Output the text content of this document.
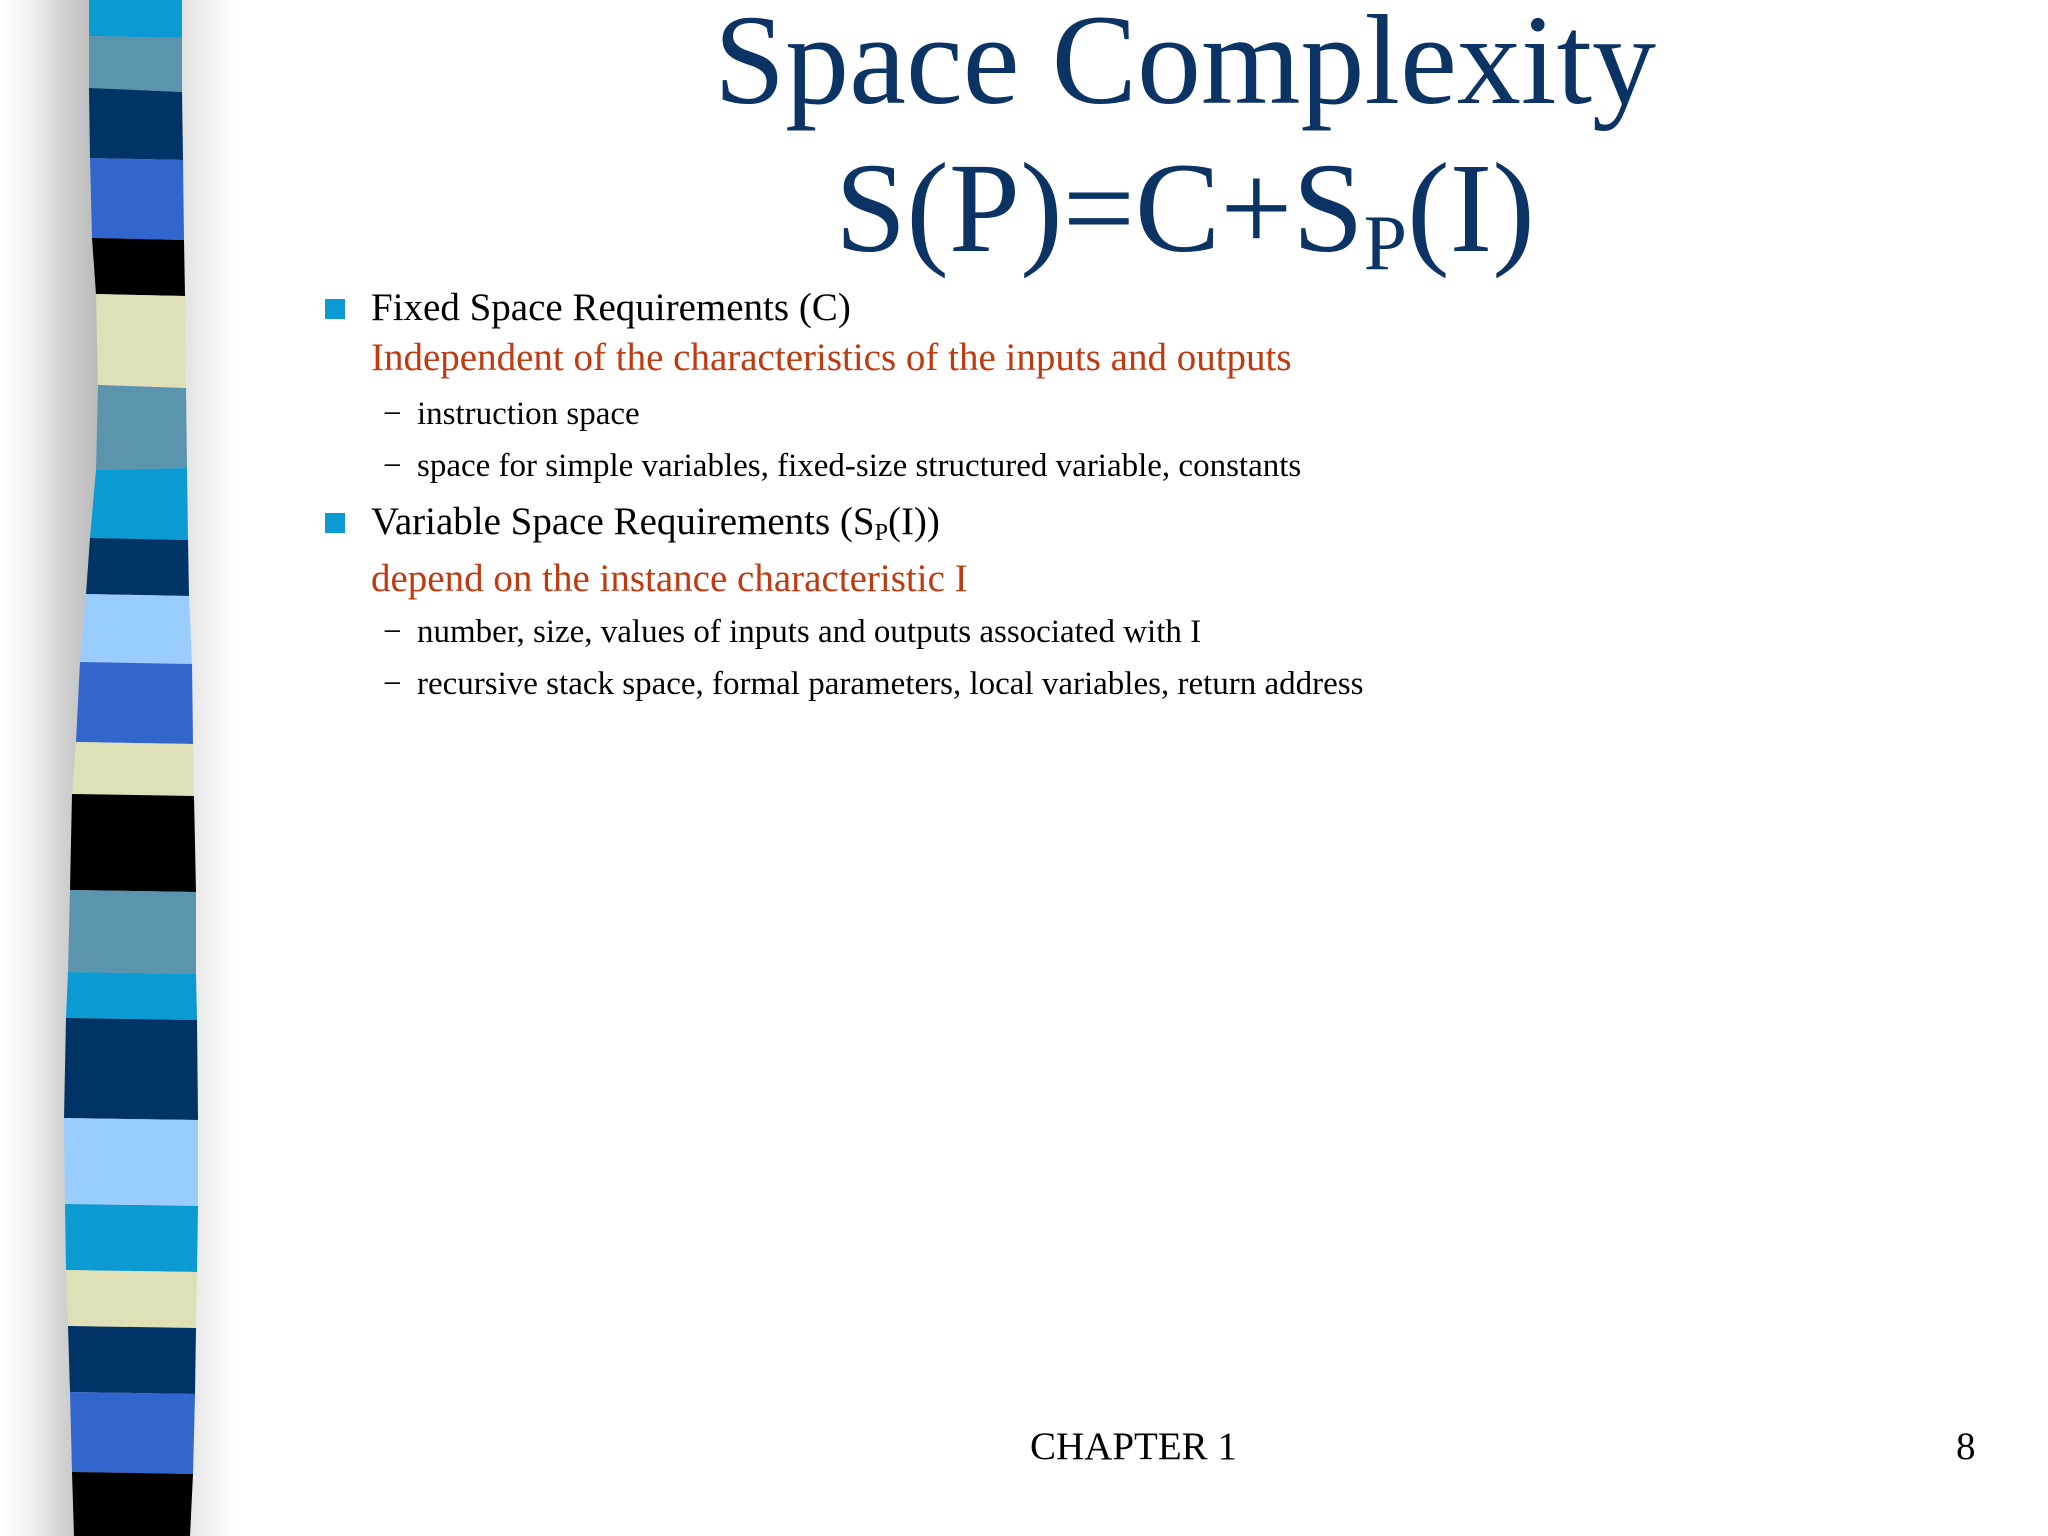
Space Complexity
$S(P)=C+S_P(I)$
Fixed Space Requirements (C)
Independent of the characteristics of the inputs and outputs
− instruction space
− space for simple variables, fixed-size structured variable, constants
Variable Space Requirements $(S_P(I))$
depend on the instance characteristic I
− number, size, values of inputs and outputs associated with I
− recursive stack space, formal parameters, local variables, return address
CHAPTER 1	8
